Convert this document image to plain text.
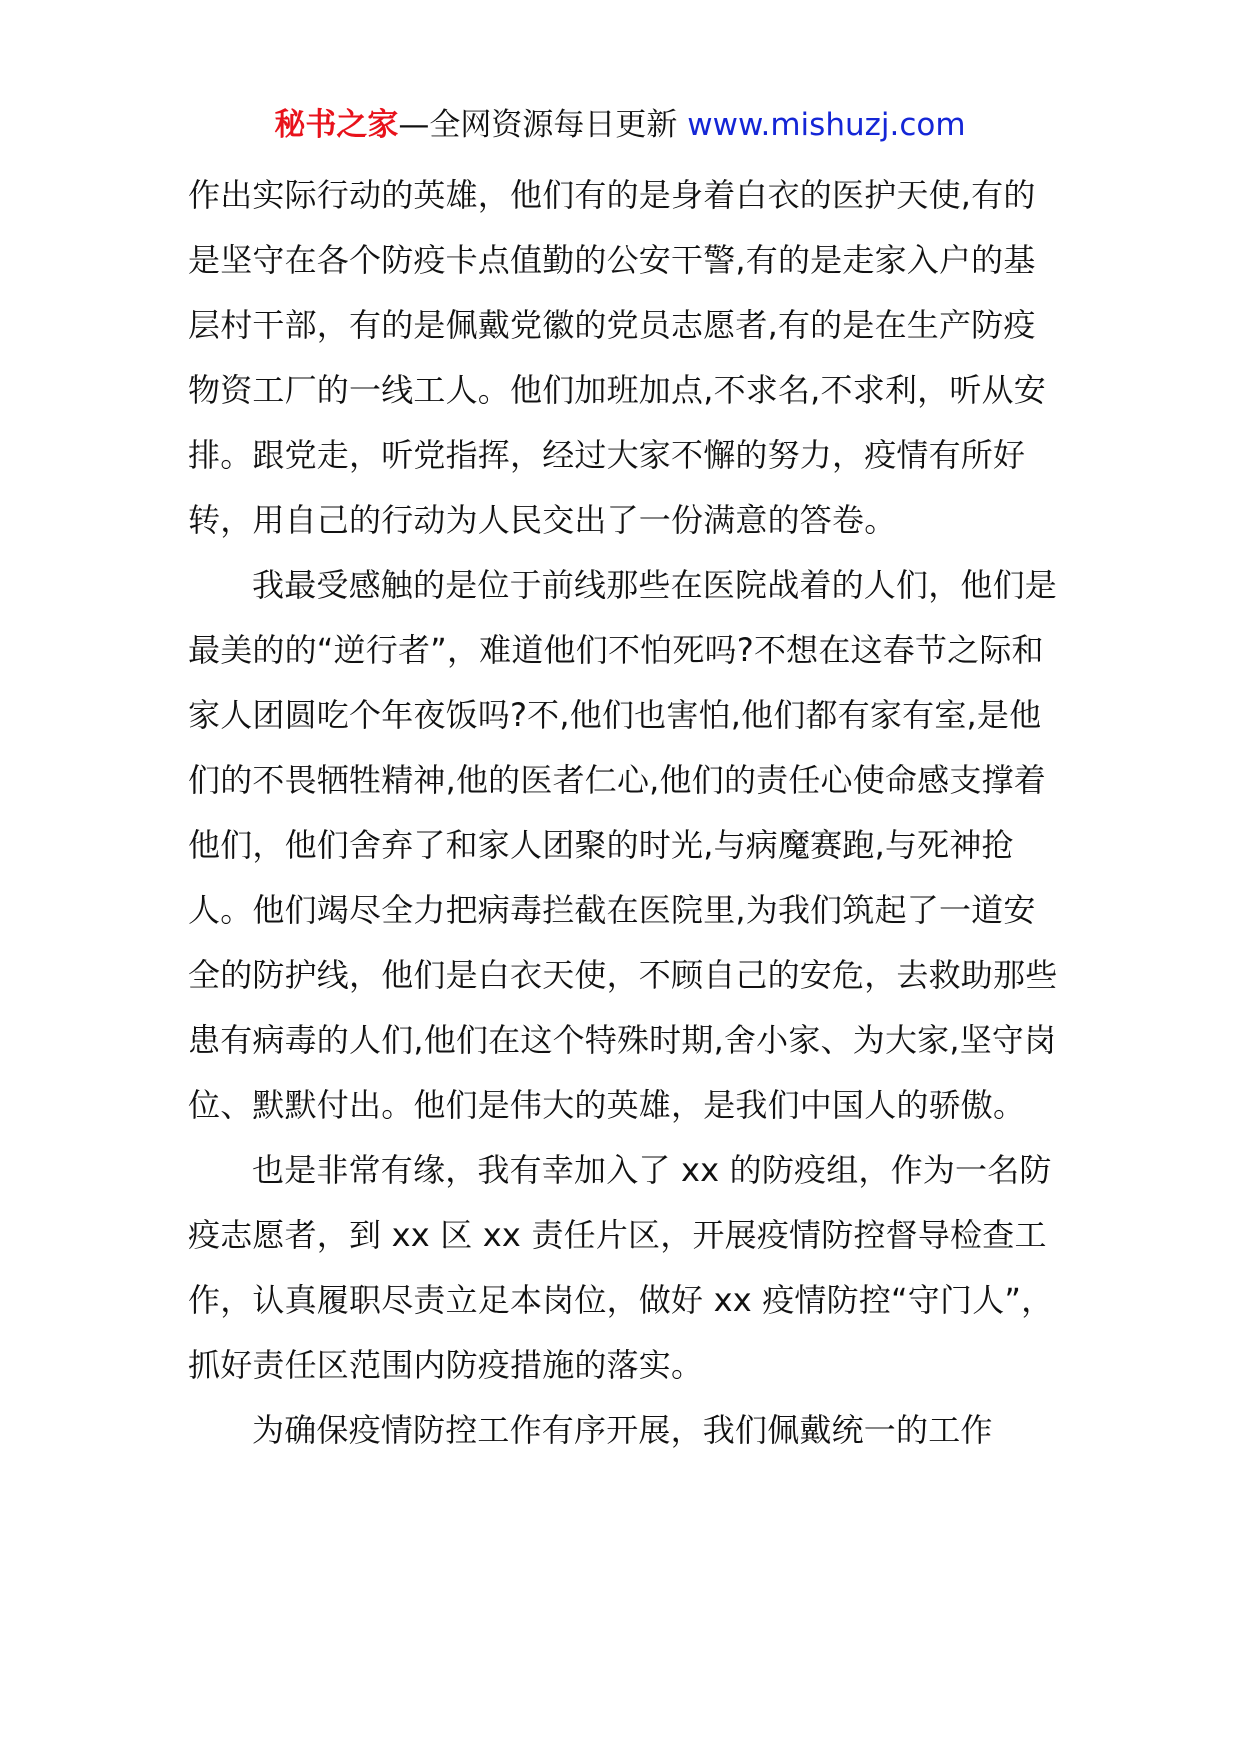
秘书之家—全网资源每日更新 www.mishuzj.com

作出实际行动的英雄，他们有的是身着白衣的医护天使,有的是坚守在各个防疫卡点值勤的公安干警,有的是走家入户的基层村干部，有的是佩戴党徽的党员志愿者,有的是在生产防疫物资工厂的一线工人。他们加班加点,不求名,不求利，听从安排。跟党走，听党指挥，经过大家不懈的努力，疫情有所好转，用自己的行动为人民交出了一份满意的答卷。

我最受感触的是位于前线那些在医院战着的人们，他们是最美的的“逆行者”，难道他们不怕死吗?不想在这春节之际和家人团圆吃个年夜饭吗?不,他们也害怕,他们都有家有室,是他们的不畏牺牲精神,他的医者仁心,他们的责任心使命感支撑着他们，他们舍弃了和家人团聚的时光,与病魔赛跑,与死神抢人。他们竭尽全力把病毒拦截在医院里,为我们筑起了一道安全的防护线，他们是白衣天使，不顾自己的安危，去救助那些患有病毒的人们,他们在这个特殊时期,舍小家、为大家,坚守岗位、默默付出。他们是伟大的英雄，是我们中国人的骄傲。

也是非常有缘，我有幸加入了 xx 的防疫组，作为一名防疫志愿者，到 xx 区 xx 责任片区，开展疫情防控督导检查工作，认真履职尽责立足本岗位，做好 xx 疫情防控“守门人”，抓好责任区范围内防疫措施的落实。

为确保疫情防控工作有序开展，我们佩戴统一的工作
